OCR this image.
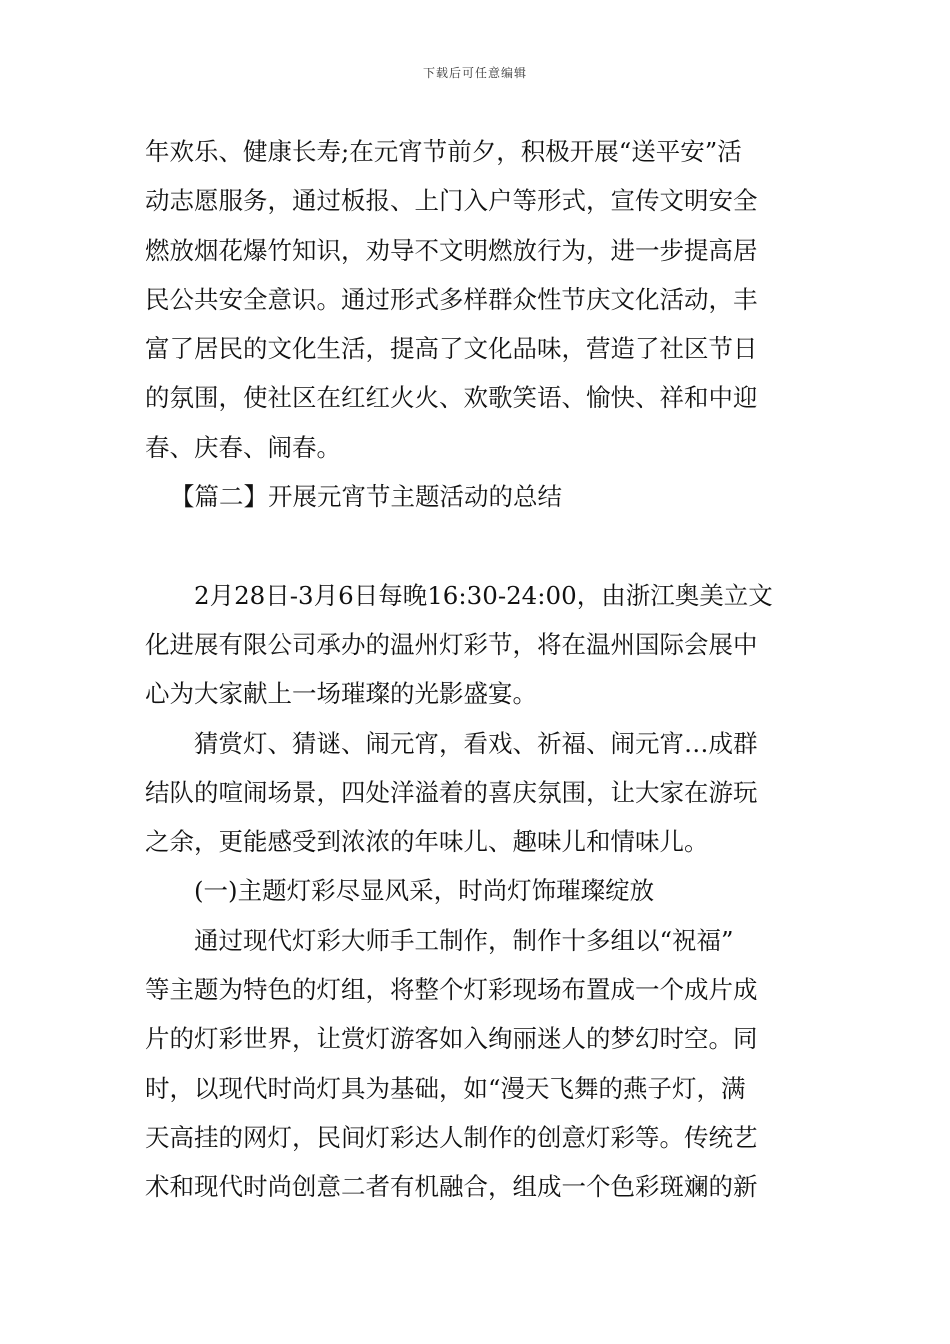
下载后可任意编辑
年欢乐、健康长寿;在元宵节前夕，积极开展“送平安”活
动志愿服务，通过板报、上门入户等形式，宣传文明安全
燃放烟花爆竹知识，劝导不文明燃放行为，进一步提高居
民公共安全意识。通过形式多样群众性节庆文化活动，丰
富了居民的文化生活，提高了文化品味，营造了社区节日
的氛围，使社区在红红火火、欢歌笑语、愉快、祥和中迎
春、庆春、闹春。
【篇二】开展元宵节主题活动的总结
2月28日-3月6日每晚16:30-24:00，由浙江奥美立文
化进展有限公司承办的温州灯彩节，将在温州国际会展中
心为大家献上一场璀璨的光影盛宴。
猜赏灯、猜谜、闹元宵，看戏、祈福、闹元宵…成群
结队的喧闹场景，四处洋溢着的喜庆氛围，让大家在游玩
之余，更能感受到浓浓的年味儿、趣味儿和情味儿。
(一)主题灯彩尽显风采，时尚灯饰璀璨绽放
通过现代灯彩大师手工制作，制作十多组以“祝福”
等主题为特色的灯组，将整个灯彩现场布置成一个成片成
片的灯彩世界，让赏灯游客如入绚丽迷人的梦幻时空。同
时，以现代时尚灯具为基础，如“漫天飞舞的燕子灯，满
天高挂的网灯，民间灯彩达人制作的创意灯彩等。传统艺
术和现代时尚创意二者有机融合，组成一个色彩斑斓的新
